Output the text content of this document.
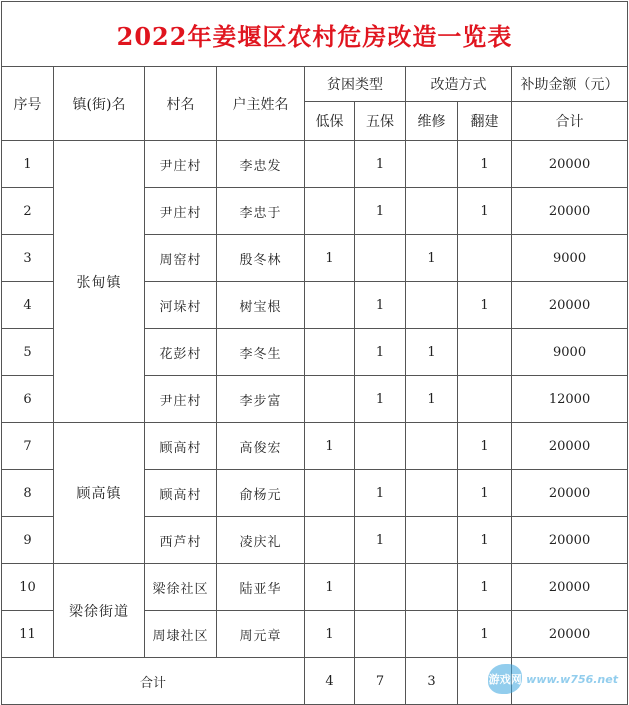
2022年姜堰区农村危房改造一览表								
序号	镇(街)名	村名	户主姓名	贫困类型		改造方式		补助金额（元）
				低保	五保	维修	翻建	合计
1	张甸镇	尹庄村	李忠发		1		1	20000
2		尹庄村	李忠于		1		1	20000
3		周窑村	殷冬林	1		1		9000
4		河垛村	树宝根		1		1	20000
5		花彭村	李冬生		1	1		9000
6		尹庄村	李步富		1	1		12000
7	顾高镇	顾高村	高俊宏	1			1	20000
8		顾高村	俞杨元		1		1	20000
9		西芦村	凌庆礼		1		1	20000
10	梁徐街道	梁徐社区	陆亚华	1			1	20000
11		周埭社区	周元章	1			1	20000
合计				4	7	3			游戏网 www.w756.net
